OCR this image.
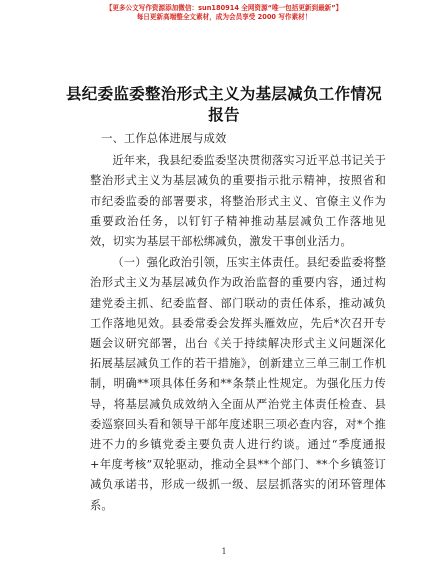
【更多公文写作资源添加微信：sun180914 全网资源“唯一包括更新到最新”】
每日更新高端整全文素材，成为会员享受 2000 写作素材！
县纪委监委整治形式主义为基层减负工作情况
报告

一、工作总体进展与成效

近年来，我县纪委监委坚决贯彻落实习近平总书记关于整治形式主义为基层减负的重要指示批示精神，按照省和市纪委监委的部署要求，将整治形式主义、官僚主义作为重要政治任务，以钉钉子精神推动基层减负工作落地见效，切实为基层干部松绑减负，激发干事创业活力。

（一）强化政治引领，压实主体责任。县纪委监委将整治形式主义为基层减负作为政治监督的重要内容，通过构建党委主抓、纪委监督、部门联动的责任体系，推动减负工作落地见效。县委常委会发挥头雁效应，先后*次召开专题会议研究部署，出台《关于持续解决形式主义问题深化拓展基层减负工作的若干措施》，创新建立三单三制工作机制，明确**项具体任务和**条禁止性规定。为强化压力传导，将基层减负成效纳入全面从严治党主体责任检查、县委巡察回头看和领导干部年度述职三项必查内容，对*个推进不力的乡镇党委主要负责人进行约谈。通过“季度通报+年度考核”双轮驱动，推动全县**个部门、**个乡镇签订减负承诺书，形成一级抓一级、层层抓落实的闭环管理体系。

1
